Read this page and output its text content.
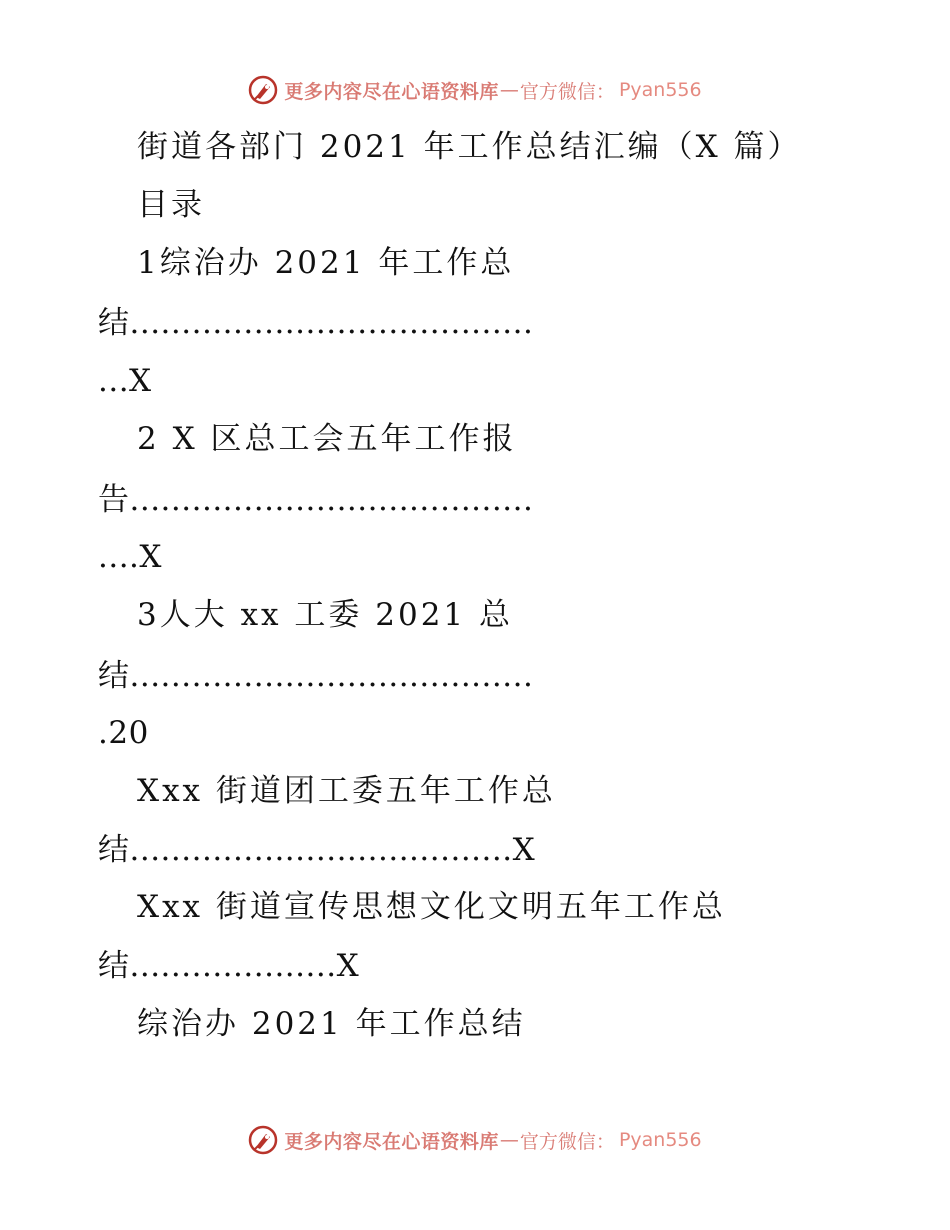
更多内容尽在心语资料库 — 官方微信： Pyan556
街道各部门 2021 年工作总结汇编（X 篇）
目录
1综治办 2021 年工作总
结.......................................
...X
2 X 区总工会五年工作报
告.......................................
....X
3人大 xx 工委 2021 总
结.......................................
.20
Xxx 街道团工委五年工作总
结.....................................X
Xxx 街道宣传思想文化文明五年工作总
结....................X
综治办 2021 年工作总结
更多内容尽在心语资料库 — 官方微信： Pyan556
